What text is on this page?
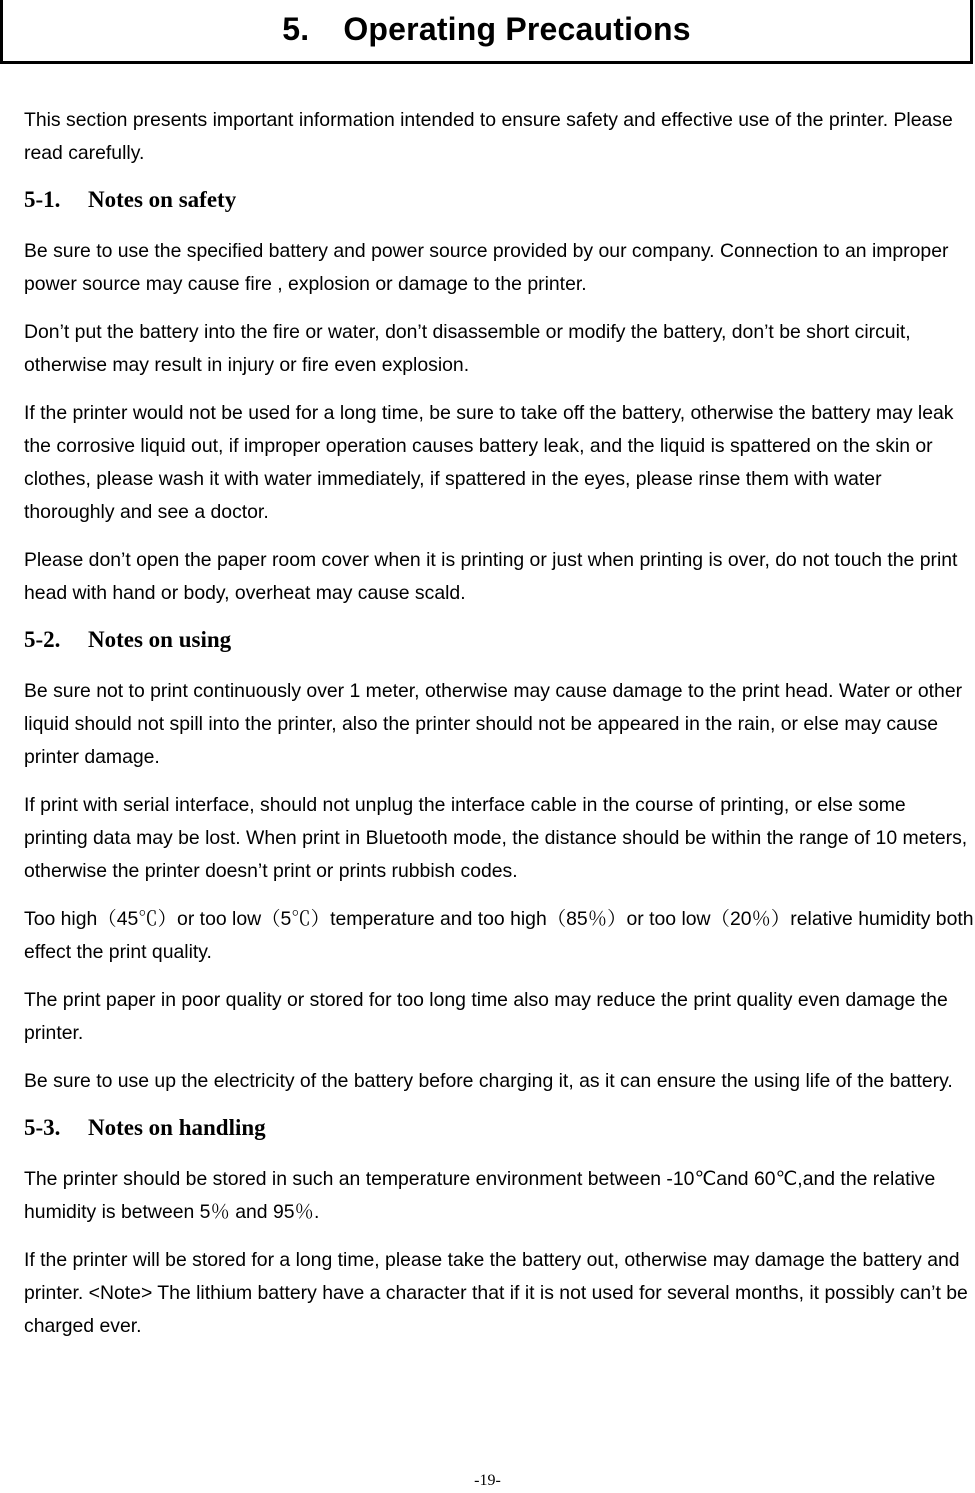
5. Operating Precautions

This section presents important information intended to ensure safety and effective use of the printer. Please read carefully.

5-1.	Notes on safety

Be sure to use the specified battery and power source provided by our company. Connection to an improper power source may cause fire , explosion or damage to the printer.

Don’t put the battery into the fire or water, don’t disassemble or modify the battery, don’t be short circuit, otherwise may result in injury or fire even explosion.

If the printer would not be used for a long time, be sure to take off the battery, otherwise the battery may leak the corrosive liquid out, if improper operation causes battery leak, and the liquid is spattered on the skin or clothes, please wash it with water immediately, if spattered in the eyes, please rinse them with water thoroughly and see a doctor.

Please don’t open the paper room cover when it is printing or just when printing is over, do not touch the print head with hand or body, overheat may cause scald.

5-2.	Notes on using

Be sure not to print continuously over 1 meter, otherwise may cause damage to the print head. Water or other liquid should not spill into the printer, also the printer should not be appeared in the rain, or else may cause printer damage.

If print with serial interface, should not unplug the interface cable in the course of printing, or else some printing data may be lost. When print in Bluetooth mode, the distance should be within the range of 10 meters, otherwise the printer doesn’t print or prints rubbish codes.

Too high（45℃）or too low（5℃）temperature and too high（85％）or too low（20％）relative humidity both effect the print quality.

The print paper in poor quality or stored for too long time also may reduce the print quality even damage the printer.

Be sure to use up the electricity of the battery before charging it, as it can ensure the using life of the battery.

5-3.	Notes on handling

The printer should be stored in such an temperature environment between -10℃and 60℃,and the relative humidity is between 5％ and 95％.

If the printer will be stored for a long time, please take the battery out, otherwise may damage the battery and printer. <Note> The lithium battery have a character that if it is not used for several months, it possibly can’t be charged ever.

-19-
